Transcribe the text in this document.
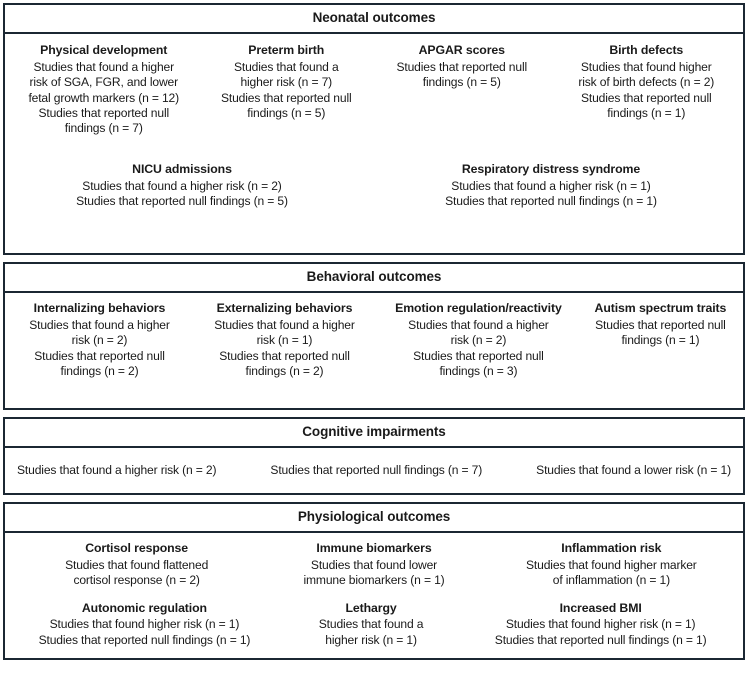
Neonatal outcomes
Physical development
Studies that found a higher
risk of SGA, FGR, and lower
fetal growth markers (n = 12)
Studies that reported null
findings (n = 7)
Preterm birth
Studies that found a
higher risk (n = 7)
Studies that reported null
findings (n = 5)
APGAR scores
Studies that reported null
findings (n = 5)
Birth defects
Studies that found higher
risk of birth defects (n = 2)
Studies that reported null
findings (n = 1)
NICU admissions
Studies that found a higher risk (n = 2)
Studies that reported null findings (n = 5)
Respiratory distress syndrome
Studies that found a higher risk (n = 1)
Studies that reported null findings (n = 1)
Behavioral outcomes
Internalizing behaviors
Studies that found a higher
risk (n = 2)
Studies that reported null
findings (n = 2)
Externalizing behaviors
Studies that found a higher
risk (n = 1)
Studies that reported null
findings (n = 2)
Emotion regulation/reactivity
Studies that found a higher
risk (n = 2)
Studies that reported null
findings (n = 3)
Autism spectrum traits
Studies that reported null
findings (n = 1)
Cognitive impairments
Studies that found a higher risk (n = 2)	Studies that reported null findings (n = 7)	Studies that found a lower risk (n = 1)
Physiological outcomes
Cortisol response
Studies that found flattened
cortisol response (n = 2)
Immune biomarkers
Studies that found lower
immune biomarkers (n = 1)
Inflammation risk
Studies that found higher marker
of inflammation (n = 1)
Autonomic regulation
Studies that found higher risk (n = 1)
Studies that reported null findings (n = 1)
Lethargy
Studies that found a
higher risk (n = 1)
Increased BMI
Studies that found higher risk (n = 1)
Studies that reported null findings (n = 1)
